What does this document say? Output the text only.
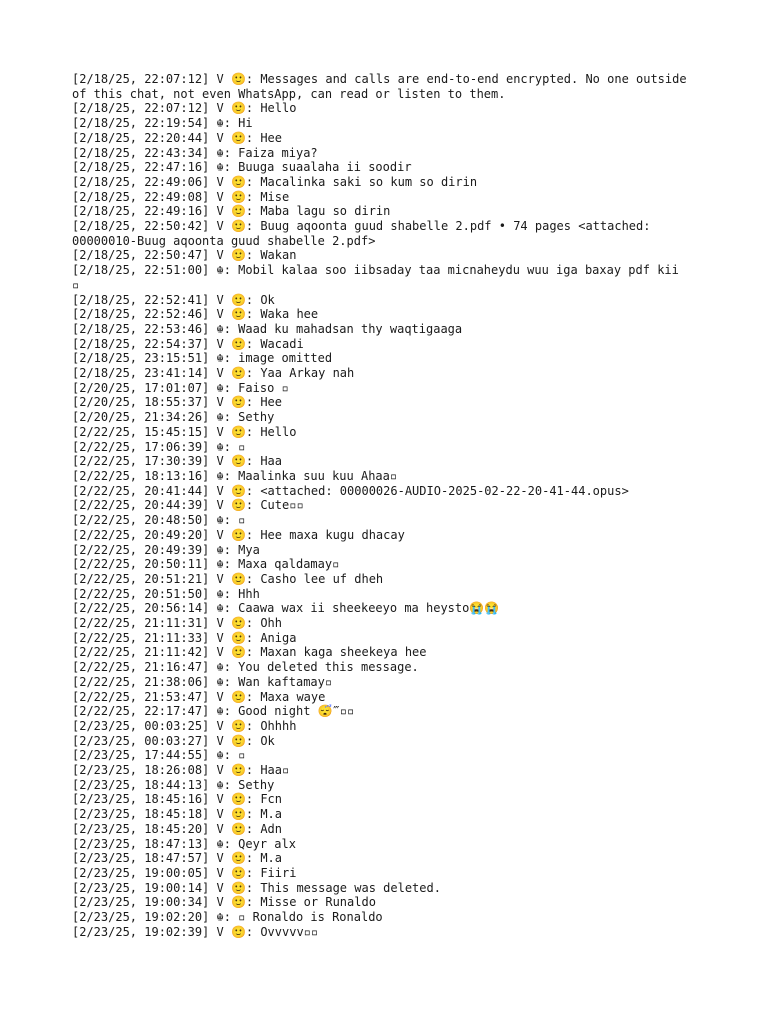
[2/18/25, 22:07:12] V 🙂: Messages and calls are end-to-end encrypted. No one outside of this chat, not even WhatsApp, can read or listen to them.
[2/18/25, 22:07:12] V 🙂: Hello
[2/18/25, 22:19:54] ☬: Hi
[2/18/25, 22:20:44] V 🙂: Hee
[2/18/25, 22:43:34] ☬: Faiza miya?
[2/18/25, 22:47:16] ☬: Buuga suaalaha ii soodir
[2/18/25, 22:49:06] V 🙂: Macalinka saki so kum so dirin
[2/18/25, 22:49:08] V 🙂: Mise
[2/18/25, 22:49:16] V 🙂: Maba lagu so dirin
[2/18/25, 22:50:42] V 🙂: Buug aqoonta guud shabelle 2.pdf • 74 pages <attached: 00000010-Buug aqoonta guud shabelle 2.pdf>
[2/18/25, 22:50:47] V 🙂: Wakan
[2/18/25, 22:51:00] ☬: Mobil kalaa soo iibsaday taa micnaheydu wuu iga baxay pdf kii ▫
[2/18/25, 22:52:41] V 🙂: Ok
[2/18/25, 22:52:46] V 🙂: Waka hee
[2/18/25, 22:53:46] ☬: Waad ku mahadsan thy waqtigaaga
[2/18/25, 22:54:37] V 🙂: Wacadi
[2/18/25, 23:15:51] ☬: image omitted
[2/18/25, 23:41:14] V 🙂: Yaa Arkay nah
[2/20/25, 17:01:07] ☬: Faiso ▫
[2/20/25, 18:55:37] V 🙂: Hee
[2/20/25, 21:34:26] ☬: Sethy
[2/22/25, 15:45:15] V 🙂: Hello
[2/22/25, 17:06:39] ☬: ▫
[2/22/25, 17:30:39] V 🙂: Haa
[2/22/25, 18:13:16] ☬: Maalinka suu kuu Ahaa▫
[2/22/25, 20:41:44] V 🙂: <attached: 00000026-AUDIO-2025-02-22-20-41-44.opus>
[2/22/25, 20:44:39] V 🙂: Cute▫▫
[2/22/25, 20:48:50] ☬: ▫
[2/22/25, 20:49:20] V 🙂: Hee maxa kugu dhacay
[2/22/25, 20:49:39] ☬: Mya
[2/22/25, 20:50:11] ☬: Maxa qaldamay▫
[2/22/25, 20:51:21] V 🙂: Casho lee uf dheh
[2/22/25, 20:51:50] ☬: Hhh
[2/22/25, 20:56:14] ☬: Caawa wax ii sheekeeyo ma heysto😭😭
[2/22/25, 21:11:31] V 🙂: Ohh
[2/22/25, 21:11:33] V 🙂: Aniga
[2/22/25, 21:11:42] V 🙂: Maxan kaga sheekeya hee
[2/22/25, 21:16:47] ☬: You deleted this message.
[2/22/25, 21:38:06] ☬: Wan kaftamay▫
[2/22/25, 21:53:47] V 🙂: Maxa waye
[2/22/25, 22:17:47] ☬: Good night 😴‴▫▫
[2/23/25, 00:03:25] V 🙂: Ohhhh
[2/23/25, 00:03:27] V 🙂: Ok
[2/23/25, 17:44:55] ☬: ▫
[2/23/25, 18:26:08] V 🙂: Haa▫
[2/23/25, 18:44:13] ☬: Sethy
[2/23/25, 18:45:16] V 🙂: Fcn
[2/23/25, 18:45:18] V 🙂: M.a
[2/23/25, 18:45:20] V 🙂: Adn
[2/23/25, 18:47:13] ☬: Qeyr alx
[2/23/25, 18:47:57] V 🙂: M.a
[2/23/25, 19:00:05] V 🙂: Fiiri
[2/23/25, 19:00:14] V 🙂: This message was deleted.
[2/23/25, 19:00:34] V 🙂: Misse or Runaldo
[2/23/25, 19:02:20] ☬: ▫ Ronaldo is Ronaldo
[2/23/25, 19:02:39] V 🙂: Ovvvvv▫▫
